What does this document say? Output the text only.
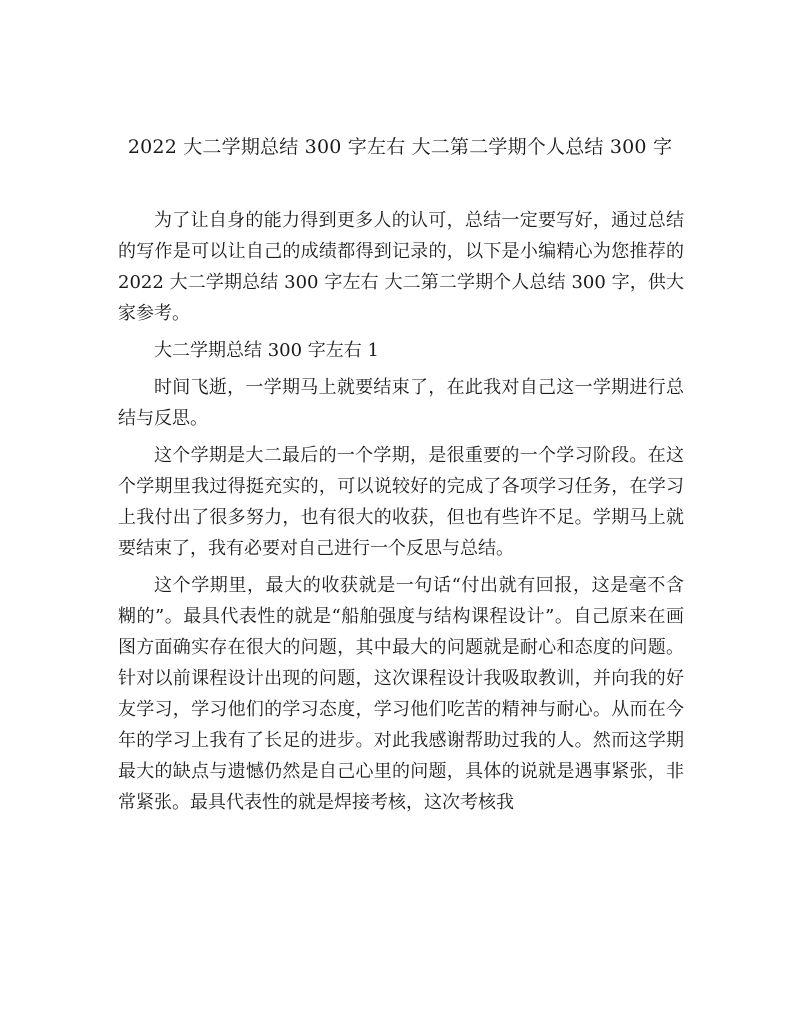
2022 大二学期总结 300 字左右 大二第二学期个人总结 300 字

为了让自身的能力得到更多人的认可，总结一定要写好，通过总结的写作是可以让自己的成绩都得到记录的，以下是小编精心为您推荐的 2022 大二学期总结 300 字左右 大二第二学期个人总结 300 字，供大家参考。

大二学期总结 300 字左右 1

时间飞逝，一学期马上就要结束了，在此我对自己这一学期进行总结与反思。

这个学期是大二最后的一个学期，是很重要的一个学习阶段。在这个学期里我过得挺充实的，可以说较好的完成了各项学习任务，在学习上我付出了很多努力，也有很大的收获，但也有些许不足。学期马上就要结束了，我有必要对自己进行一个反思与总结。

这个学期里，最大的收获就是一句话“付出就有回报，这是毫不含糊的”。最具代表性的就是“船舶强度与结构课程设计”。自己原来在画图方面确实存在很大的问题，其中最大的问题就是耐心和态度的问题。针对以前课程设计出现的问题，这次课程设计我吸取教训，并向我的好友学习，学习他们的学习态度，学习他们吃苦的精神与耐心。从而在今年的学习上我有了长足的进步。对此我感谢帮助过我的人。然而这学期最大的缺点与遗憾仍然是自己心里的问题，具体的说就是遇事紧张，非常紧张。最具代表性的就是焊接考核，这次考核我
